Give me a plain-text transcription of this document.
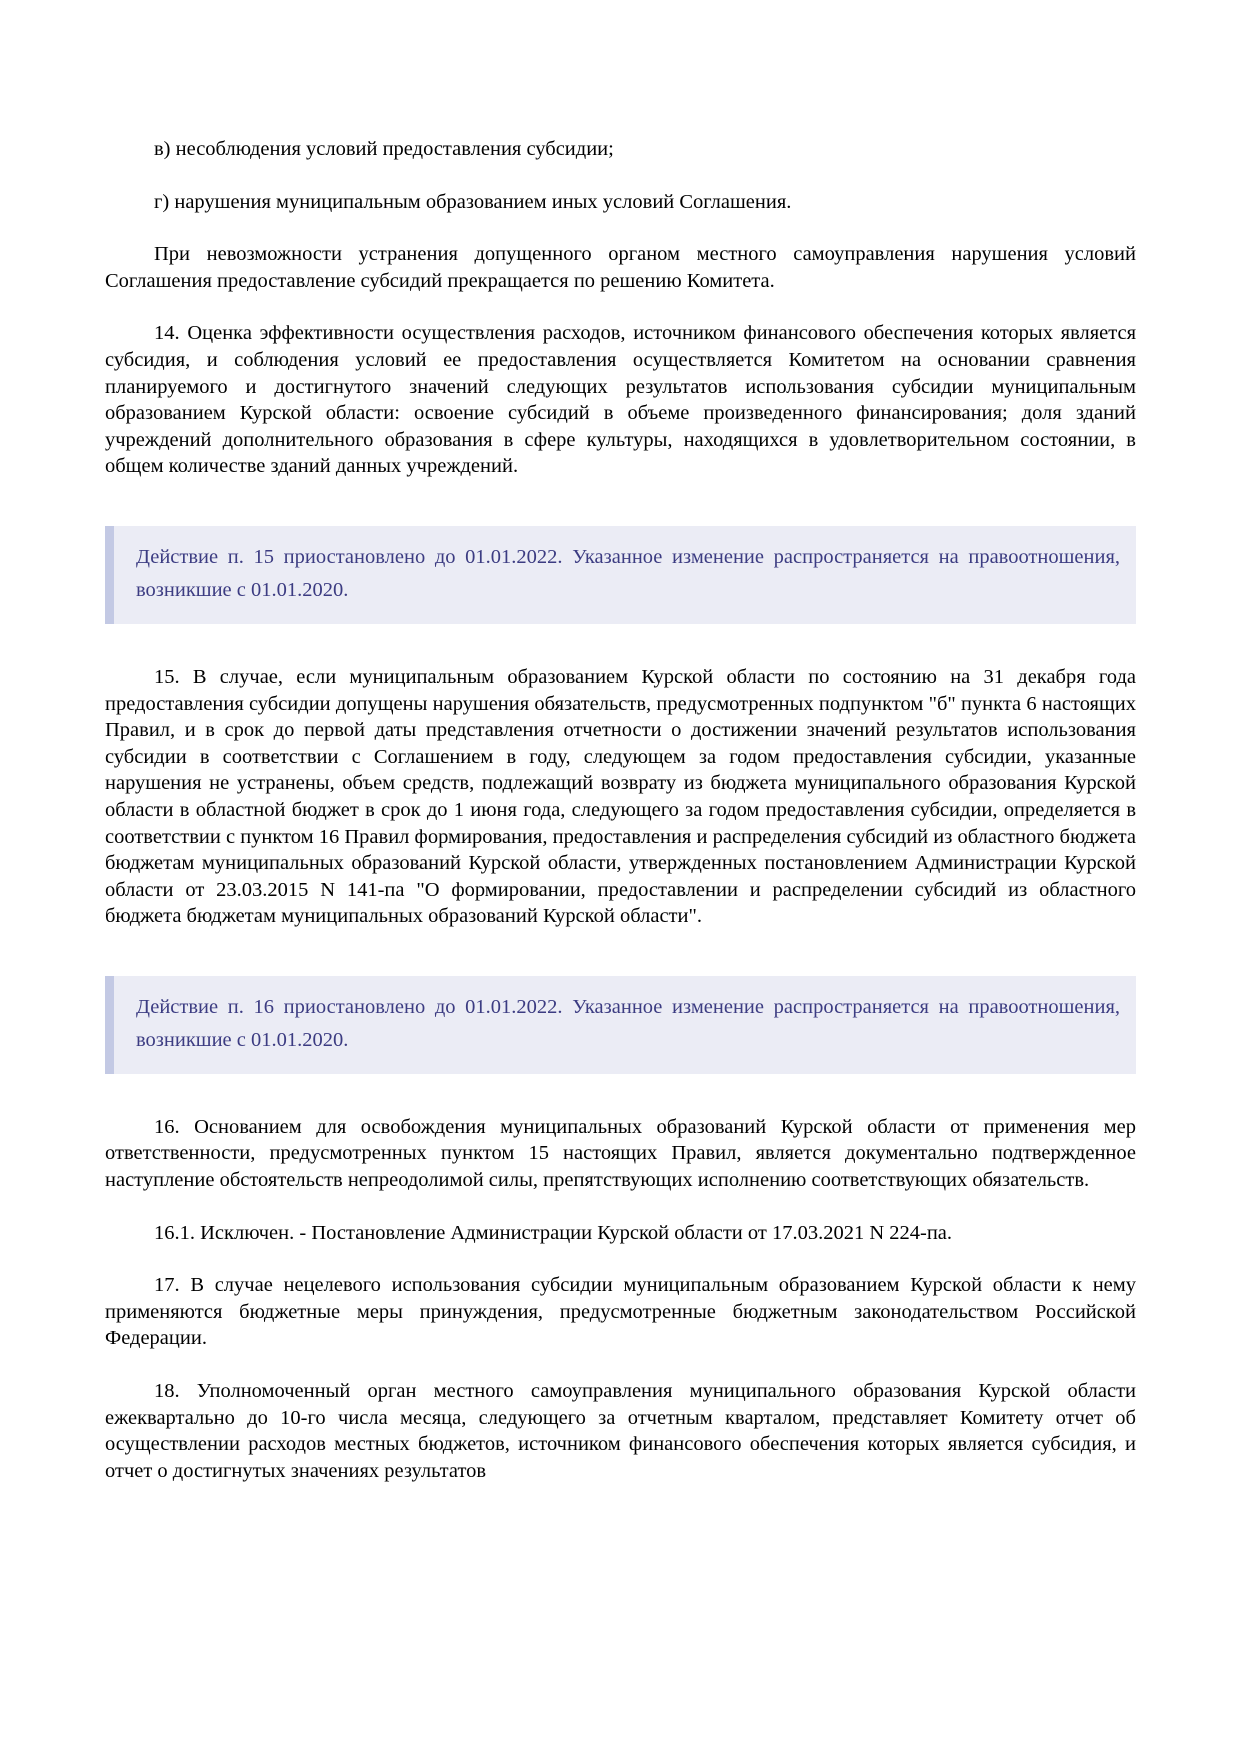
в) несоблюдения условий предоставления субсидии;

г) нарушения муниципальным образованием иных условий Соглашения.

При невозможности устранения допущенного органом местного самоуправления нарушения условий Соглашения предоставление субсидий прекращается по решению Комитета.

14. Оценка эффективности осуществления расходов, источником финансового обеспечения которых является субсидия, и соблюдения условий ее предоставления осуществляется Комитетом на основании сравнения планируемого и достигнутого значений следующих результатов использования субсидии муниципальным образованием Курской области: освоение субсидий в объеме произведенного финансирования; доля зданий учреждений дополнительного образования в сфере культуры, находящихся в удовлетворительном состоянии, в общем количестве зданий данных учреждений.

Действие п. 15 приостановлено до 01.01.2022. Указанное изменение распространяется на правоотношения, возникшие с 01.01.2020.

15. В случае, если муниципальным образованием Курской области по состоянию на 31 декабря года предоставления субсидии допущены нарушения обязательств, предусмотренных подпунктом "б" пункта 6 настоящих Правил, и в срок до первой даты представления отчетности о достижении значений результатов использования субсидии в соответствии с Соглашением в году, следующем за годом предоставления субсидии, указанные нарушения не устранены, объем средств, подлежащий возврату из бюджета муниципального образования Курской области в областной бюджет в срок до 1 июня года, следующего за годом предоставления субсидии, определяется в соответствии с пунктом 16 Правил формирования, предоставления и распределения субсидий из областного бюджета бюджетам муниципальных образований Курской области, утвержденных постановлением Администрации Курской области от 23.03.2015 N 141-па "О формировании, предоставлении и распределении субсидий из областного бюджета бюджетам муниципальных образований Курской области".

Действие п. 16 приостановлено до 01.01.2022. Указанное изменение распространяется на правоотношения, возникшие с 01.01.2020.

16. Основанием для освобождения муниципальных образований Курской области от применения мер ответственности, предусмотренных пунктом 15 настоящих Правил, является документально подтвержденное наступление обстоятельств непреодолимой силы, препятствующих исполнению соответствующих обязательств.

16.1. Исключен. - Постановление Администрации Курской области от 17.03.2021 N 224-па.

17. В случае нецелевого использования субсидии муниципальным образованием Курской области к нему применяются бюджетные меры принуждения, предусмотренные бюджетным законодательством Российской Федерации.

18. Уполномоченный орган местного самоуправления муниципального образования Курской области ежеквартально до 10-го числа месяца, следующего за отчетным кварталом, представляет Комитету отчет об осуществлении расходов местных бюджетов, источником финансового обеспечения которых является субсидия, и отчет о достигнутых значениях результатов
